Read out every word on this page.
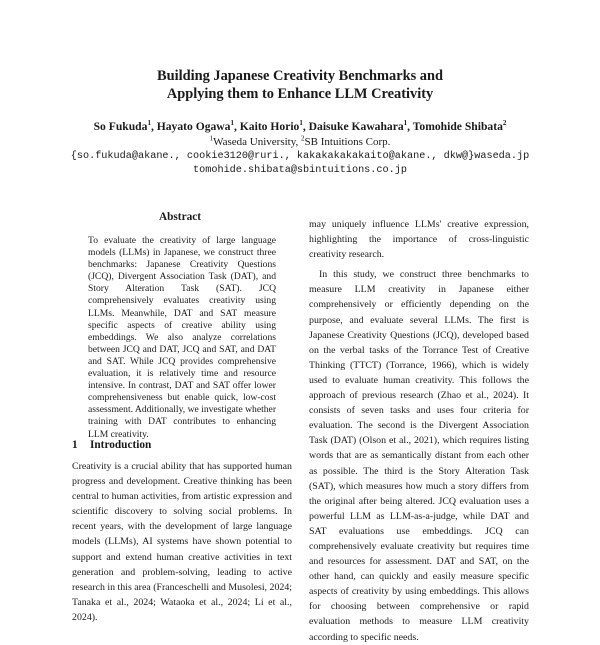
Building Japanese Creativity Benchmarks and
Applying them to Enhance LLM Creativity
So Fukuda$^1$, Hayato Ogawa$^1$, Kaito Horio$^1$, Daisuke Kawahara$^1$, Tomohide Shibata$^2$
$^1$Waseda University, $^2$SB Intuitions Corp.
{so.fukuda@akane., cookie3120@ruri., kakakakakakaito@akane., dkw@}waseda.jp
tomohide.shibata@sbintuitions.co.jp
Abstract

To evaluate the creativity of large language models (LLMs) in Japanese, we construct three benchmarks: Japanese Creativity Questions (JCQ), Divergent Association Task (DAT), and Story Alteration Task (SAT). JCQ comprehensively evaluates creativity using LLMs. Meanwhile, DAT and SAT measure specific aspects of creative ability using embeddings. We also analyze correlations between JCQ and DAT, JCQ and SAT, and DAT and SAT. While JCQ provides comprehensive evaluation, it is relatively time and resource intensive. In contrast, DAT and SAT offer lower comprehensiveness but enable quick, low-cost assessment. Additionally, we investigate whether training with DAT contributes to enhancing LLM creativity.

1 Introduction

Creativity is a crucial ability that has supported human progress and development. Creative thinking has been central to human activities, from artistic expression and scientific discovery to solving social problems. In recent years, with the development of large language models (LLMs), AI systems have shown potential to support and extend human creative activities in text generation and problem-solving, leading to active research in this area (Franceschelli and Musolesi, 2024; Tanaka et al., 2024; Wataoka et al., 2024; Li et al., 2024).

may uniquely influence LLMs' creative expression, highlighting the importance of cross-linguistic creativity research.

In this study, we construct three benchmarks to measure LLM creativity in Japanese either comprehensively or efficiently depending on the purpose, and evaluate several LLMs. The first is Japanese Creativity Questions (JCQ), developed based on the verbal tasks of the Torrance Test of Creative Thinking (TTCT) (Torrance, 1966), which is widely used to evaluate human creativity. This follows the approach of previous research (Zhao et al., 2024). It consists of seven tasks and uses four criteria for evaluation. The second is the Divergent Association Task (DAT) (Olson et al., 2021), which requires listing words that are as semantically distant from each other as possible. The third is the Story Alteration Task (SAT), which measures how much a story differs from the original after being altered. JCQ evaluation uses a powerful LLM as LLM-as-a-judge, while DAT and SAT evaluations use embeddings. JCQ can comprehensively evaluate creativity but requires time and resources for assessment. DAT and SAT, on the other hand, can quickly and easily measure specific aspects of creativity by using embeddings. This allows for choosing between comprehensive or rapid evaluation methods to measure LLM creativity according to specific needs.
